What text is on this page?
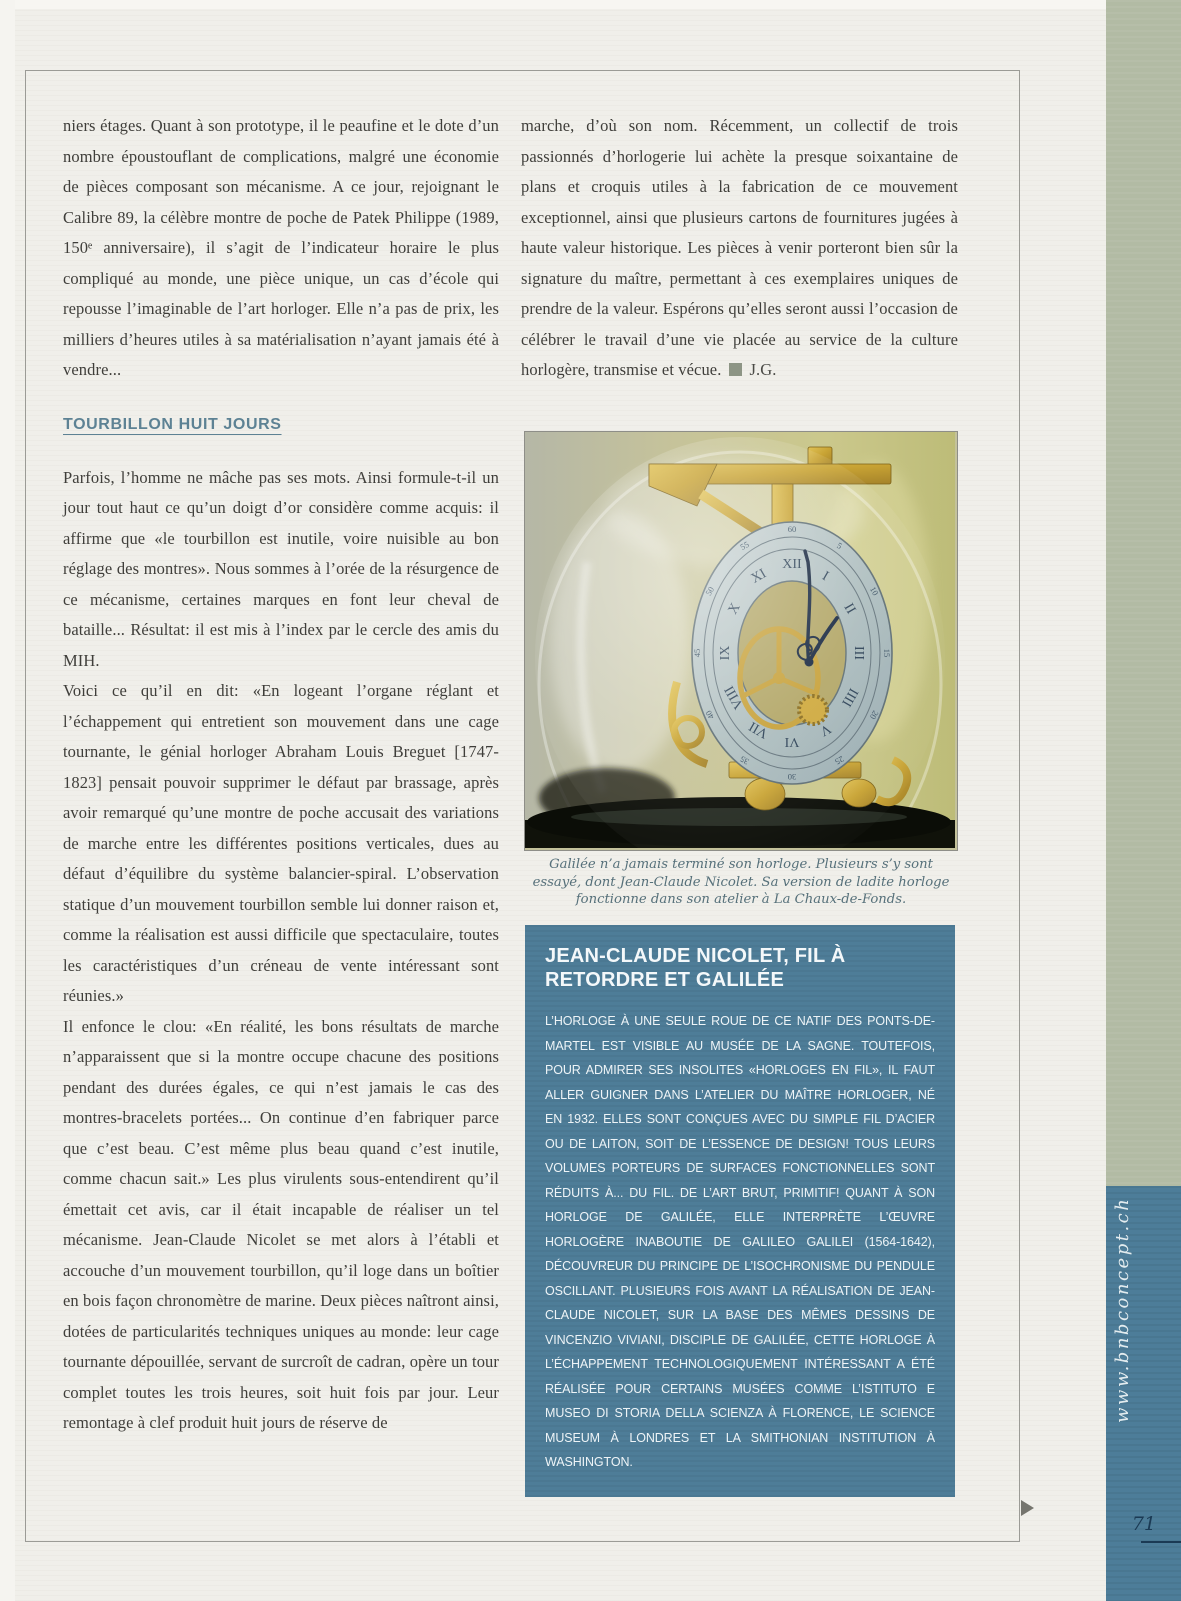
www.bnbconcept.ch
71

niers étages. Quant à son prototype, il le peaufine et le dote d’un nombre époustouflant de complications, malgré une économie de pièces composant son mécanisme. A ce jour, rejoignant le Calibre 89, la célèbre montre de poche de Patek Philippe (1989, 150ᵉ anniversaire), il s’agit de l’indicateur horaire le plus compliqué au monde, une pièce unique, un cas d’école qui repousse l’imaginable de l’art horloger. Elle n’a pas de prix, les milliers d’heures utiles à sa matérialisation n’ayant jamais été à vendre...

TOURBILLON HUIT JOURS

Parfois, l’homme ne mâche pas ses mots. Ainsi formule-t-il un jour tout haut ce qu’un doigt d’or considère comme acquis: il affirme que «le tourbillon est inutile, voire nuisible au bon réglage des montres». Nous sommes à l’orée de la résurgence de ce mécanisme, certaines marques en font leur cheval de bataille... Résultat: il est mis à l’index par le cercle des amis du MIH.

Voici ce qu’il en dit: «En logeant l’organe réglant et l’échappement qui entretient son mouvement dans une cage tournante, le génial horloger Abraham Louis Breguet [1747-1823] pensait pouvoir supprimer le défaut par brassage, après avoir remarqué qu’une montre de poche accusait des variations de marche entre les différentes positions verticales, dues au défaut d’équilibre du système balancier-spiral. L’observation statique d’un mouvement tourbillon semble lui donner raison et, comme la réalisation est aussi difficile que spectaculaire, toutes les caractéristiques d’un créneau de vente intéressant sont réunies.»

Il enfonce le clou: «En réalité, les bons résultats de marche n’apparaissent que si la montre occupe chacune des positions pendant des durées égales, ce qui n’est jamais le cas des montres-bracelets portées... On continue d’en fabriquer parce que c’est beau. C’est même plus beau quand c’est inutile, comme chacun sait.» Les plus virulents sous-entendirent qu’il émettait cet avis, car il était incapable de réaliser un tel mécanisme. Jean-Claude Nicolet se met alors à l’établi et accouche d’un mouvement tourbillon, qu’il loge dans un boîtier en bois façon chronomètre de marine. Deux pièces naîtront ainsi, dotées de particularités techniques uniques au monde: leur cage tournante dépouillée, servant de surcroît de cadran, opère un tour complet toutes les trois heures, soit huit fois par jour. Leur remontage à clef produit huit jours de réserve de

marche, d’où son nom. Récemment, un collectif de trois passionnés d’horlogerie lui achète la presque soixantaine de plans et croquis utiles à la fabrication de ce mouvement exceptionnel, ainsi que plusieurs cartons de fournitures jugées à haute valeur historique. Les pièces à venir porteront bien sûr la signature du maître, permettant à ces exemplaires uniques de prendre de la valeur. Espérons qu’elles seront aussi l’occasion de célébrer le travail d’une vie placée au service de la culture horlogère, transmise et vécue. J.G.

Galilée n’a jamais terminé son horloge. Plusieurs s’y sont essayé, dont Jean-Claude Nicolet. Sa version de ladite horloge fonctionne dans son atelier à La Chaux-de-Fonds.
JEAN-CLAUDE NICOLET, FIL À RETORDRE ET GALILÉE

L’HORLOGE À UNE SEULE ROUE DE CE NATIF DES PONTS-DE-MARTEL EST VISIBLE AU MUSÉE DE LA SAGNE. TOUTEFOIS, POUR ADMIRER SES INSOLITES «HORLOGES EN FIL», IL FAUT ALLER GUIGNER DANS L’ATELIER DU MAÎTRE HORLOGER, NÉ EN 1932. ELLES SONT CONÇUES AVEC DU SIMPLE FIL D’ACIER OU DE LAITON, SOIT DE L’ESSENCE DE DESIGN! TOUS LEURS VOLUMES PORTEURS DE SURFACES FONCTIONNELLES SONT RÉDUITS À... DU FIL. DE L’ART BRUT, PRIMITIF! QUANT À SON HORLOGE DE GALILÉE, ELLE INTERPRÈTE L’ŒUVRE HORLOGÈRE INABOUTIE DE GALILEO GALILEI (1564-1642), DÉCOUVREUR DU PRINCIPE DE L’ISOCHRONISME DU PENDULE OSCILLANT. PLUSIEURS FOIS AVANT LA RÉALISATION DE JEAN-CLAUDE NICOLET, SUR LA BASE DES MÊMES DESSINS DE VINCENZIO VIVIANI, DISCIPLE DE GALILÉE, CETTE HORLOGE À L’ÉCHAPPEMENT TECHNOLOGIQUEMENT INTÉRESSANT A ÉTÉ RÉALISÉE POUR CERTAINS MUSÉES COMME L’ISTITUTO E MUSEO DI STORIA DELLA SCIENZA À FLORENCE, LE SCIENCE MUSEUM À LONDRES ET LA SMITHONIAN INSTITUTION À WASHINGTON.
